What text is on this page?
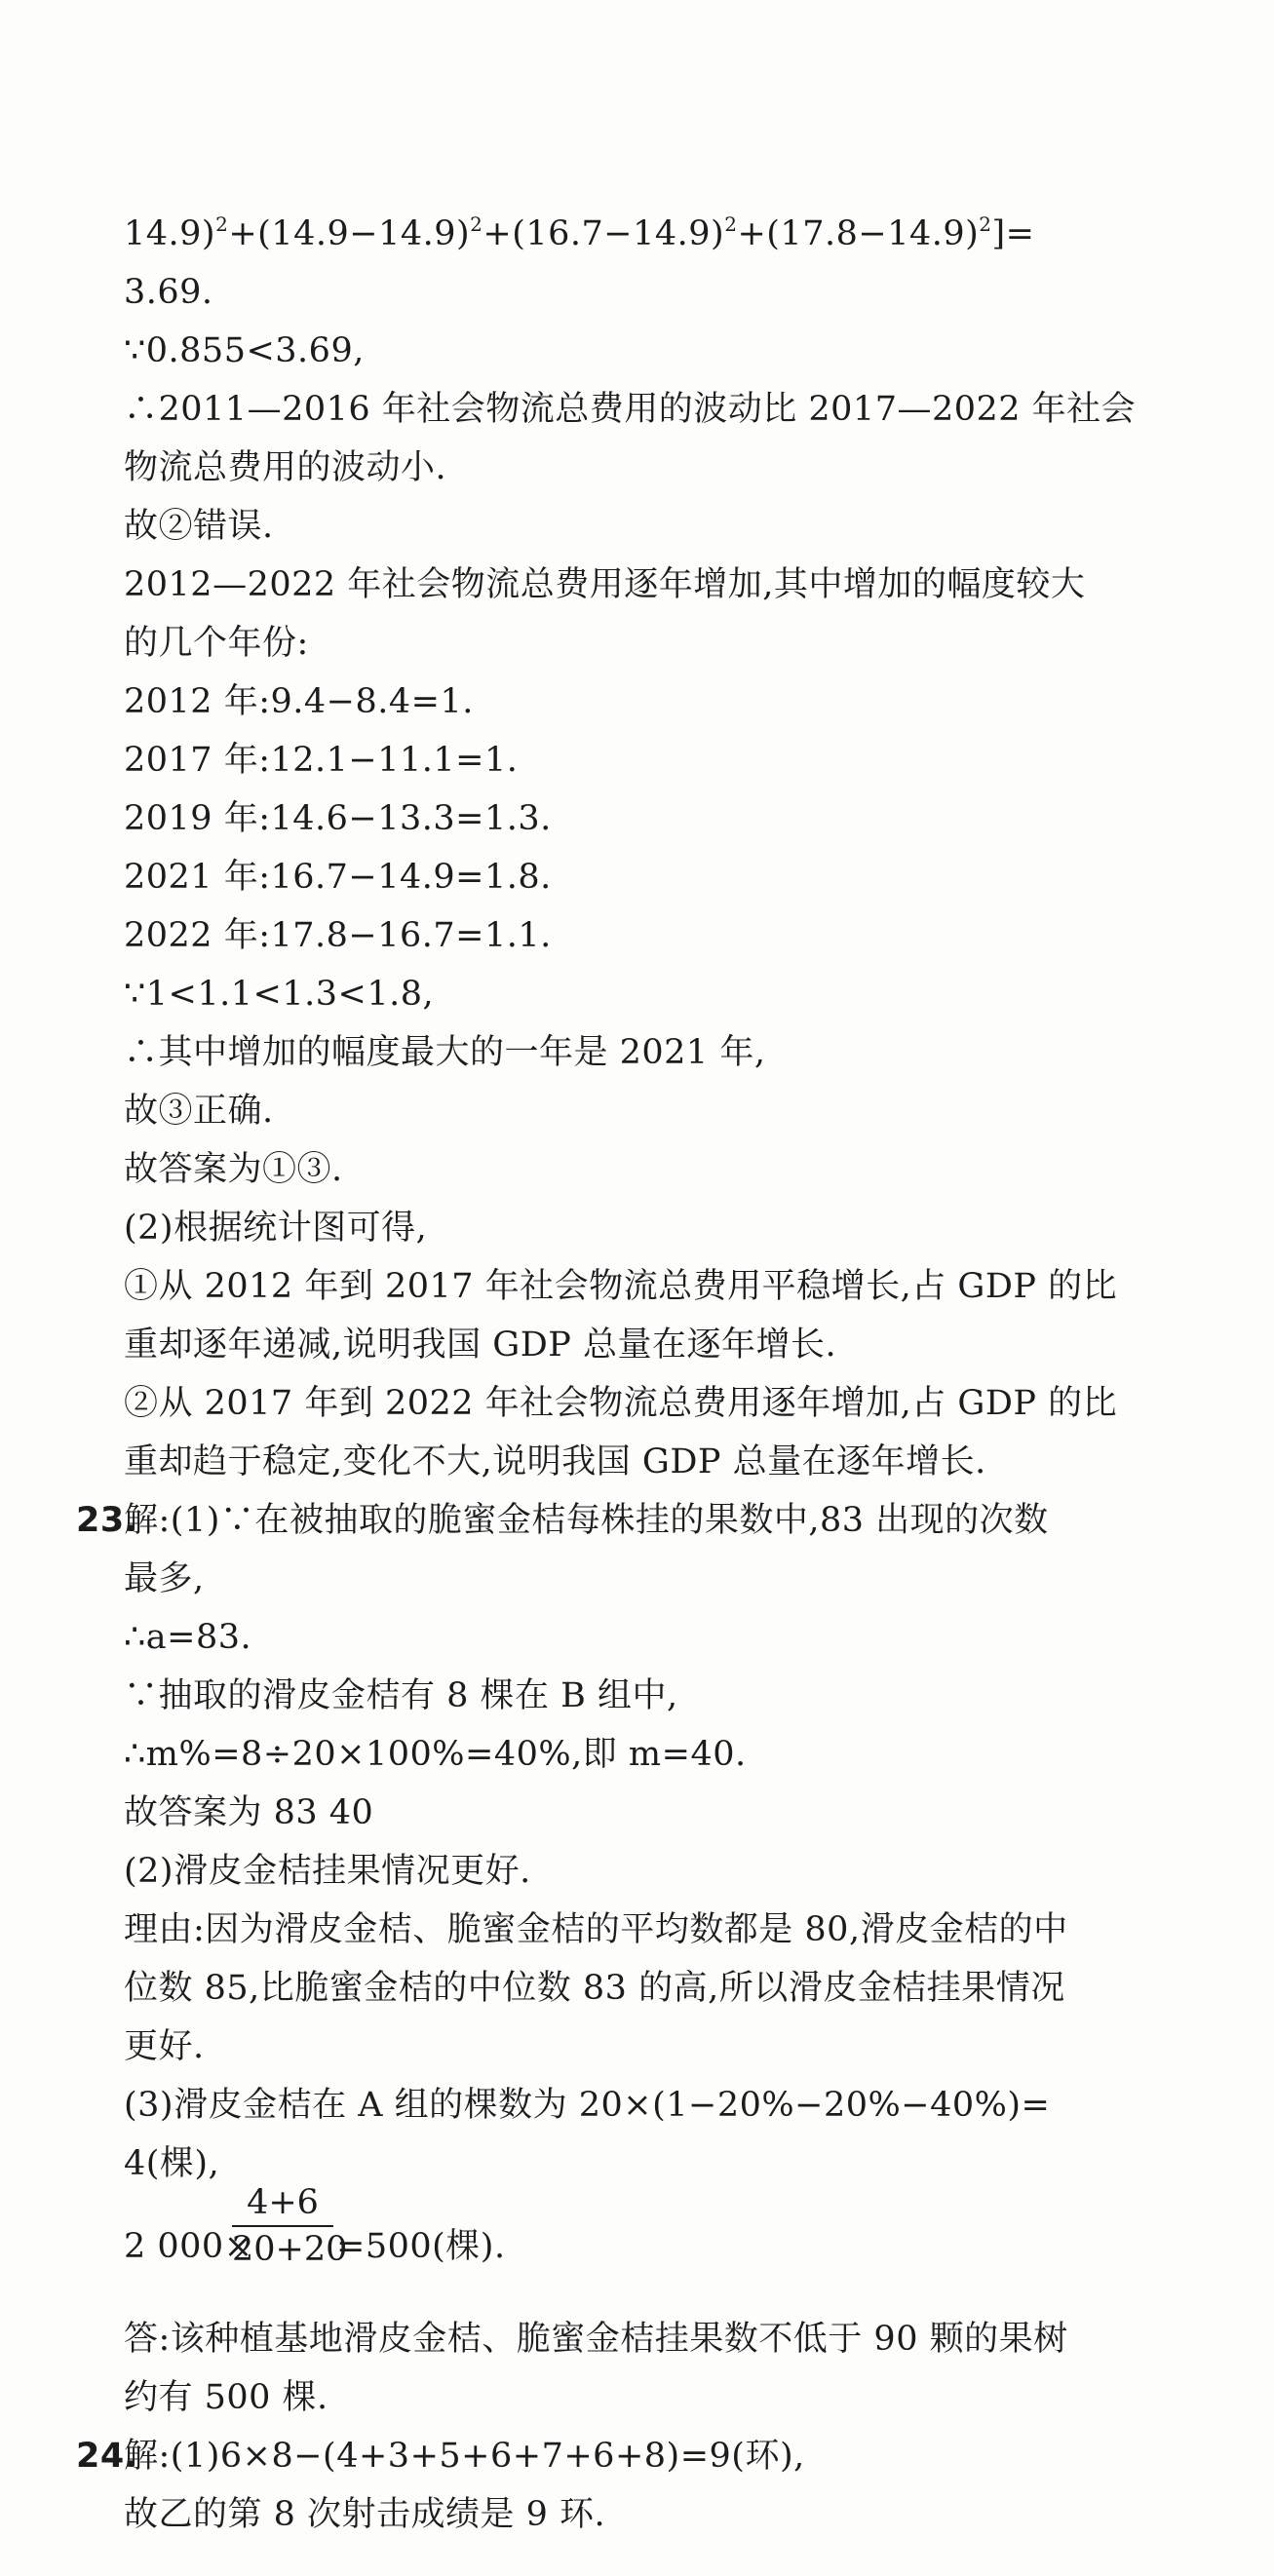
$14.9)^2+(14.9-14.9)^2+(16.7-14.9)^2+(17.8-14.9)^2]=$
3.69.
∵0.855<3.69,
∴2011—2016 年社会物流总费用的波动比 2017—2022 年社会
物流总费用的波动小.
故②错误.
2012—2022 年社会物流总费用逐年增加,其中增加的幅度较大
的几个年份:
2012 年:9.4−8.4=1.
2017 年:12.1−11.1=1.
2019 年:14.6−13.3=1.3.
2021 年:16.7−14.9=1.8.
2022 年:17.8−16.7=1.1.
∵1<1.1<1.3<1.8,
∴其中增加的幅度最大的一年是 2021 年,
故③正确.
故答案为①③.
(2)根据统计图可得,
①从 2012 年到 2017 年社会物流总费用平稳增长,占 GDP 的比
重却逐年递减,说明我国 GDP 总量在逐年增长.
②从 2017 年到 2022 年社会物流总费用逐年增加,占 GDP 的比
重却趋于稳定,变化不大,说明我国 GDP 总量在逐年增长.
23.
解:(1)∵在被抽取的脆蜜金桔每株挂的果数中,83 出现的次数
最多,
∴a=83.
∵抽取的滑皮金桔有 8 棵在 B 组中,
∴m%=8÷20×100%=40%,即 m=40.
故答案为 83 40
(2)滑皮金桔挂果情况更好.
理由:因为滑皮金桔、脆蜜金桔的平均数都是 80,滑皮金桔的中
位数 85,比脆蜜金桔的中位数 83 的高,所以滑皮金桔挂果情况
更好.
(3)滑皮金桔在 A 组的棵数为 20×(1−20%−20%−40%)=
4(棵),
2 000×
4+6
20+20
=500(棵).
答:该种植基地滑皮金桔、脆蜜金桔挂果数不低于 90 颗的果树
约有 500 棵.
24.
解:(1)6×8−(4+3+5+6+7+6+8)=9(环),
故乙的第 8 次射击成绩是 9 环.
